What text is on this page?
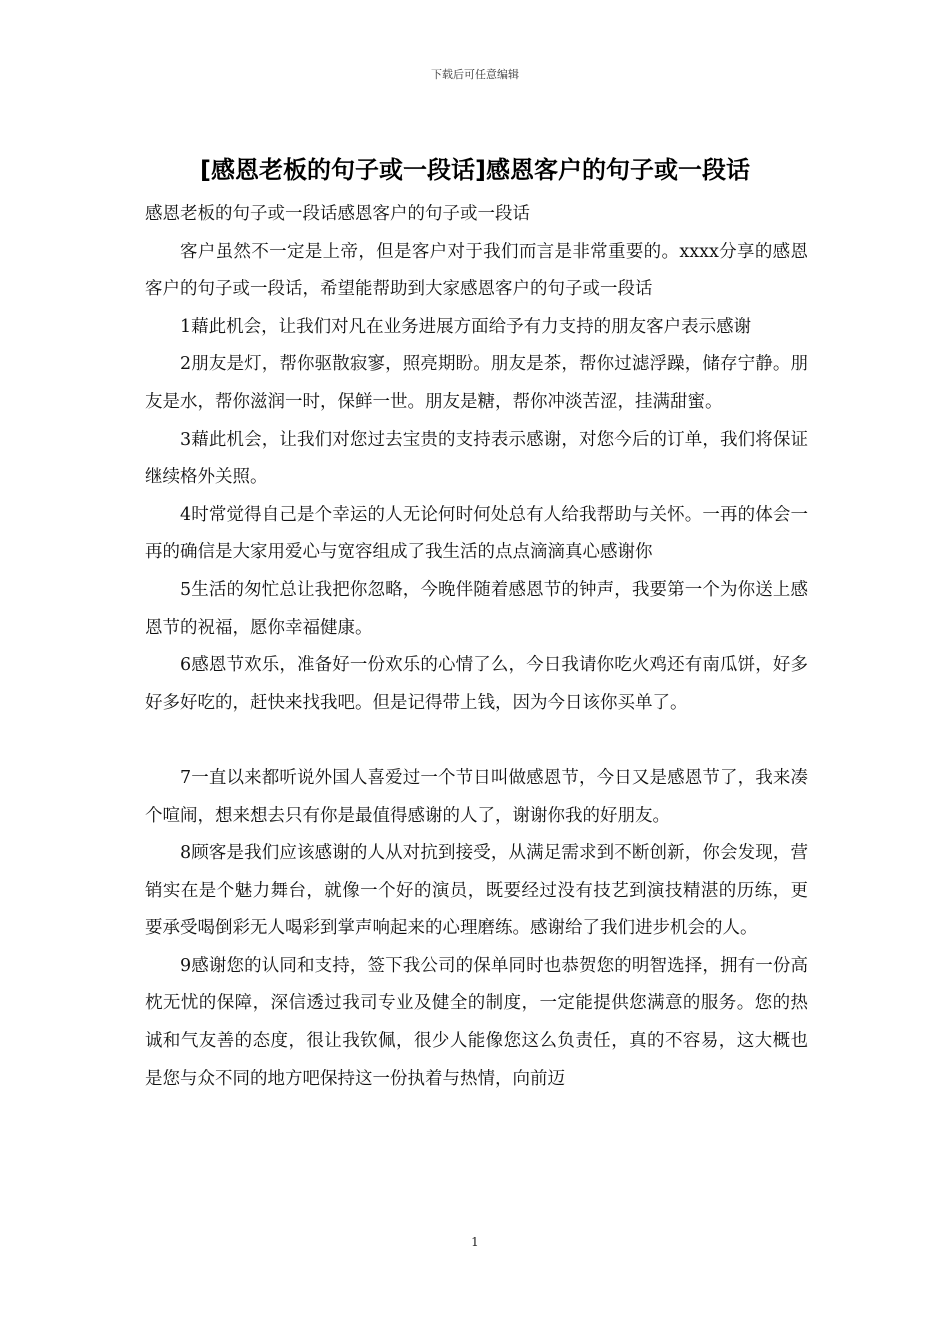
下载后可任意编辑
[感恩老板的句子或一段话]感恩客户的句子或一段话

感恩老板的句子或一段话感恩客户的句子或一段话

客户虽然不一定是上帝，但是客户对于我们而言是非常重要的。xxxx分享的感恩客户的句子或一段话，希望能帮助到大家感恩客户的句子或一段话

1藉此机会，让我们对凡在业务进展方面给予有力支持的朋友客户表示感谢

2朋友是灯，帮你驱散寂寥，照亮期盼。朋友是茶，帮你过滤浮躁，储存宁静。朋友是水，帮你滋润一时，保鲜一世。朋友是糖，帮你冲淡苦涩，挂满甜蜜。

3藉此机会，让我们对您过去宝贵的支持表示感谢，对您今后的订单，我们将保证继续格外关照。

4时常觉得自己是个幸运的人无论何时何处总有人给我帮助与关怀。一再的体会一再的确信是大家用爱心与宽容组成了我生活的点点滴滴真心感谢你

5生活的匆忙总让我把你忽略，今晚伴随着感恩节的钟声，我要第一个为你送上感恩节的祝福，愿你幸福健康。

6感恩节欢乐，准备好一份欢乐的心情了么，今日我请你吃火鸡还有南瓜饼，好多好多好吃的，赶快来找我吧。但是记得带上钱，因为今日该你买单了。

7一直以来都听说外国人喜爱过一个节日叫做感恩节，今日又是感恩节了，我来凑个喧闹，想来想去只有你是最值得感谢的人了，谢谢你我的好朋友。

8顾客是我们应该感谢的人从对抗到接受，从满足需求到不断创新，你会发现，营销实在是个魅力舞台，就像一个好的演员，既要经过没有技艺到演技精湛的历练，更要承受喝倒彩无人喝彩到掌声响起来的心理磨练。感谢给了我们进步机会的人。

9感谢您的认同和支持，签下我公司的保单同时也恭贺您的明智选择，拥有一份高枕无忧的保障，深信透过我司专业及健全的制度，一定能提供您满意的服务。您的热诚和气友善的态度，很让我钦佩，很少人能像您这么负责任，真的不容易，这大概也是您与众不同的地方吧保持这一份执着与热情，向前迈

1
